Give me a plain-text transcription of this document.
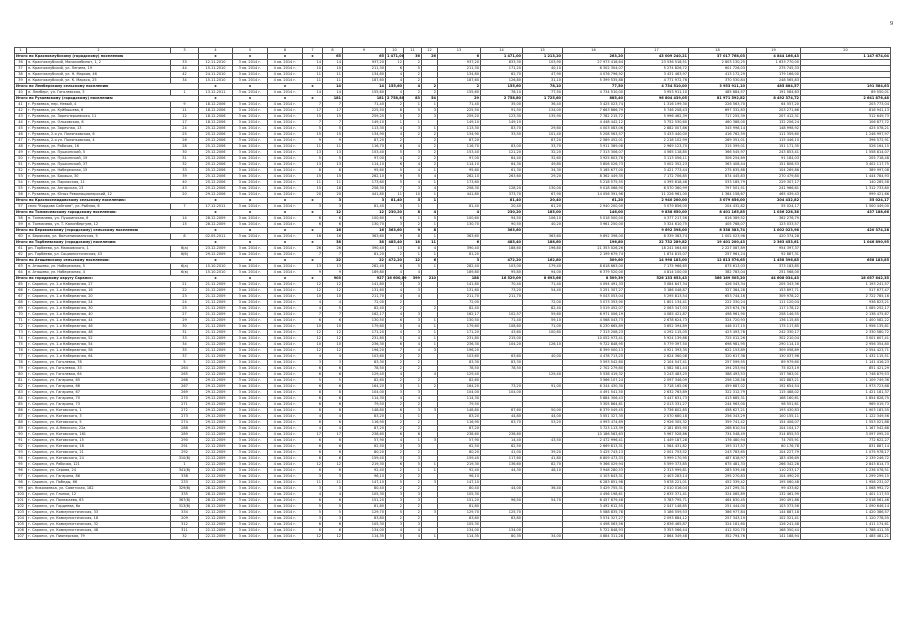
9
1	2	3	4	5	6	7	8	9	10	11	12	13	14	15	16	17	18	19	20	
Итого по Красноклубскому (городскому) поселению			x	x	x	x	65	65	1 471,00	36	26	6	1 471,00	1 213,20	263,20	43 009 240,21	37 017 768,03	4 844 166,43	1 147 674,04	
36	п. Красноклубский, Мясокомбинат, 1, 2	33	12.11.2010	3 кв. 2014 г.	4 кв. 2014 г.	14	14	937,20	12	2		937,20	833,30	103,90	27 973 418,64	23 536 518,51	2 803 130,25	1 633 770,00		
37	п. Красноклубский, ул. Ленина, 19	44	15.11.2010	3 кв. 2014 г.	4 кв. 2014 г.	10	10	211,30	6	5		211,30	171,20	40,10	6 302 304,07	5 274 826,72	601 726,03	275 745,33		
38	п. Красноклубский, ул. Н. Марков, 46	42	24.11.2010	3 кв. 2014 г.	4 кв. 2014 г.	11	11	134,80	4	2		134,80	62,70	47,90	4 076 796,92	3 431 463,97	413 172,29	179 166,00		
39	п. Красноклубский, ул. К. Маркса, 25	34	15.11.2010	3 кв. 2014 г.	4 кв. 2014 г.	11	11	187,60	4	2		187,60	126,80	31,10	5 399 535,88	4 771 972,76	370 530,84	248 565,83		
Итого по Лемберскому сельскому поселению			x	x	x	x	14	14	155,60	4	2	2	155,60	78,10	77,50	4 734 510,00	3 953 911,10	485 884,57	191 584,63	
40	п. Лемберг, ул. Гоголевская, 3	1	13.12.2011	3 кв. 2014 г.	4 кв. 2014 г.	14	14	155,60	4	2	2	155,60	78,10	77,50	4 734 510,00	3 953 911,10	485 884,57	191 584,63	89 550,01	
Итого по Рузаевскому (городскому) поселению			x	x	x	x	181	181	2 758,80	83	54	29	2 758,80	1 725,60	885,40	96 804 439,05	81 971 592,82	8 492 374,72	2 641 876,48	
41	г. Рузаевка, пер. Невый, 4	9	18.12.2006	3 кв. 2014 г.	4 кв. 2014 г.	7	7	71,40	2	1	1	71,40	35,00	36,40	3 425 023,74	1 316 199,30	226 563,70	64 557,20	203 773,04	
42	г. Рузаевка, ул. Куйбышева, 6	11	18.12.2006	3 кв. 2014 г.	4 кв. 2014 г.	17	17	225,50	8	5	3	225,50	91,50	134,00	7 663 866,79	5 746 208,43	697 332,83	203 271,66	816 941,13	
43	г. Рузаевка, ул. Заречнерьевская, 11	12	18.12.2006	3 кв. 2014 г.	4 кв. 2014 г.	15	15	259,20	5	2	3	259,20	123,30	135,90	7 782 215,72	5 996 462,39	717 255,39	207 412,31	312 649,73	
44	г. Рузаевка, ул. Ольховская, 6	17	18.12.2006	3 кв. 2014 г.	4 кв. 2014 г.	7	7	149,10	1	1		149,10	149,10		4 448 442,12	3 752 530,60	460 388,00	132 206,24	106 877,72	
45	г. Рузаевка, ул. Заречная, 13	24	25.12.2006	3 кв. 2014 г.	4 кв. 2014 г.	5	5	113,30	4	3	1	113,30	83,70	29,60	4 003 083,06	2 882 007,86	345 998,14	148 998,92	425 078,21	
46	г. Рузаевка, 2-я ул. Полянковская, 6	25	25.12.2006	3 кв. 2014 г.	4 кв. 2014 г.	15	15	134,90	4	2	2	134,90	33,50	101,40	5 208 563,57	3 433 440,00	416 762,59	111 359,60	1 246 997,97	
47	г. Рузаевка, 2-я ул. Полянковская, 4	26	25.12.2006	3 кв. 2014 г.	4 кв. 2014 г.	9	9	87,20	2		2	87,20		87,20	2 589 452,01	2 218 102,99	269 351,01	115 446,10	396 572,91	
48	г. Рузаевка, ул. Рабочая, 16	28	25.12.2006	3 кв. 2014 г.	4 кв. 2014 г.	11	11	116,70	6	4	2	116,70	83,00	33,70	3 911 369,08	2 969 123,70	315 399,01	151 171,35	526 164,15	
49	г. Рузаевка, ул. Пушкинский, 5	30	25.12.2006	3 кв. 2014 г.	4 кв. 2014 г.	13	13	153,40	5	3	2	153,40	121,20	32,20	7 313 306,07	4 565 118,85	366 545,97	243 853,41	1 558 814,07	
50	г. Рузаевка, ул. Пушкинский, 19	31	25.12.2006	3 кв. 2014 г.	4 кв. 2014 г.	5	5	97,00	4	2	2	97,00	64,40	32,60	3 925 603,78	3 113 056,11	306 254,69	91 184,03	205 718,48	
51	г. Рузаевка, ул. Пушкинский, 37	32	25.12.2006	3 кв. 2014 г.	4 кв. 2014 г.	13	13	114,10	6	4	2	114,10	64,30	49,80	3 806 026,73	3 002 352,23	363 408,44	151 808,53	3 402 117,75	
52	г. Рузаевка, ул. Набережная, 15	33	25.12.2006	3 кв. 2014 г.	4 кв. 2014 г.	8	8	95,60	5	4	1	95,60	61,30	34,30	3 165 677,00	3 421 773,44	275 635,88	104 269,86	389 997,08	
53	г. Рузаевка, ул. Бакаши, 30	39	25.12.2006	3 кв. 2014 г.	4 кв. 2014 г.	15	15	262,10	9	5	4	262,10	263,60	29,20	8 362 449,35	7 172 706,85	874 445,83	270 479,80	1 444 784,93	
54	г. Рузаевка, ул. Парижская, 11	40	25.12.2006	3 кв. 2014 г.	4 кв. 2014 г.	11	11	173,60	5	4	1	173,60			5 218 575,55	4 395 618,46	533 185,79	229 307,17	140 285,58	
55	г. Рузаевка, ул. Ангарская, 13	43	25.12.2006	3 кв. 2014 г.	4 кв. 2014 г.	15	18	258,30	7	3	4	258,30	128,20	130,00	9 018 068,90	6 570 360,99	797 501,51	241 966,61	1 312 733,80	
56	г. Рузаевка, ул. Юных Революционерский, 12	20	29.12.2006	3 кв. 2014 г.	4 кв. 2014 г.	20	20	441,80	11	10	1	441,80	373,70	67,90	14 056 391,96	11 226 961,00	1 364 158,67	465 439,43	999 421,66	
Итого по Красноселидовскому сельскому поселению:			x	x	x	x	3	3	81,40	3	1		81,40	20,40	61,20	2 940 200,00	3 079 856,00	204 432,82	55 024,17	
57	село "Кордова Сайтаев", ул. Рыбная, 6	7	17.12.2011	3 кв. 2014 г.	4 кв. 2014 г.	3	3	81,40	3	1		81,40	20,40	61,20	2 940 200,00	3 079 856,00	204 432,82	55 024,17	1 500 449,00	
Итого по Толмачевскому городскому поселению:			x	x	x	x	12	12	230,20	8	4	4	230,20	185,00	146,00	9 838 650,00	8 401 165,85	1 036 228,38	437 188,66	
58	п. Толмачево, ул. Пушкинская, 6	14	28.12.2009	3 кв. 2014 г.	4 кв. 2014 г.	6	6	100,60	6	1	5	100,60	94,50	106,10	5 018 500,00	4 377 217,56	616 389,52	362 276,79		
59	п. Толмачево, ул. Т. Калинбергуев, 12	15	28.12.2009	3 кв. 2014 г.	4 кв. 2014 г.	6	6	130,70	3	2	1	130,70	90,50	40,20	3 961 250,00	3 324 610,75	405 768,07	123 033,57		
Итого по Беряковскому (городскому) сельскому поселению			x	x	x	x	16	16	363,60	9	8		363,60			9 692 398,00	8 338 383,74	1 002 023,98	420 374,28	
60	п. Беряково, ул. Волченикованская, 5	8	02.05.2011	3 кв. 2014 г.	4 кв. 2014 г.	16	16	363,60	9	8	1	363,60		363,60	9 692 398,00	8 339 383,74	1 002 023,98	420 374,28		
Итого по Торбеевскому (городскому) поселению			x	x	x	x	38	38	485,40	18	11	6	485,40	188,60	196,80	22 732 289,82	19 401 200,43	2 363 453,61	1 046 890,95	
61	рп. Торбеево, ул. Маяковского, 1	6(а)	23.12.2009	3 кв. 2014 г.	4 кв. 2014 г.	26	26	390,40	13	8	4	390,40	188,60	196,80	21 353 026,26	18 241 064,60	2 227 087,89	954 397,37		
62	рп. Торбеево, ул. Социалистическая, 43	6(б)	29.12.2009	3 кв. 2014 г.	4 кв. 2014 г.	7	7	81,20	2	1	1	81,20			2 199 679,74	1 874 815,07	257 961,24	92 887,31		
Итого по Атяшевскому сельскому поселению:			x	x	x	x	22	22	472,20	12	6	3	472,20	162,80	309,60	14 998 183,00	12 813 576,65	1 458 396,85	658 183,85	
63	п. Атяшево, ул. Набережная, 5	6(а)	15.10.2010	3 кв. 2014 г.	4 кв. 2014 г.	13	13	282,40	6	5	1	282,40	103,00	179,40	8 618 663,00	7 175 966,65	875 613,03	373 183,85		
64	п. Атяшево, ул. Набережная, 4	6(в)	15.10.2010	3 кв. 2014 г.	4 кв. 2014 г.	9	9	189,80	4	4		189,80	95,80	94,00	6 379 520,00	4 814 100,00	382 783,04	251 568,00		
Итого по городскому округу Саранск:			x	x	x	x	903	927	16 600,09	399	210	188	16 529,09	8 693,66	8 509,39	526 133 653,43	366 169 505,20	44 608 034,43	18 057 642,35	
65	г. Саранск, ул. 1-я Набережная, 27	21	21.12.2009	3 кв. 2014 г.	4 кв. 2014 г.	12	12	141,80	3	3		141,80	70,40	71,40	4 094 491,33	3 084 647,34	426 343,34	205 343,36	1 193 241,57	
66	г. Саранск, ул. 1-я Набережная, 16	22	21.12.2009	3 кв. 2014 г.	4 кв. 2014 г.	12	12	131,60	4	3		131,60	73,20	54,40	3 251 307,27	3 186 048,87	327 384,28	153 897,71	517 677,47	
67	г. Саранск, ул. 1-я Набережная, 20	23	21.12.2009	3 кв. 2014 г.	4 кв. 2014 г.	10	10	211,70	4	4		211,70	211,70		9 043 053,04	5 295 813,54	653 744,16	309 978,22	2 722 785,16	
68	г. Саранск, ул. 1-я Набережная, 24	24	21.12.2009	3 кв. 2014 г.	4 кв. 2014 г.	4	4	72,00	2			72,00		72,00	3 073 353,90	1 801 134,41	222 330,24	111 120,04	938 823,21	
69	г. Саранск, ул. 1-я Набережная, 30	25	21.12.2009	3 кв. 2014 г.	4 кв. 2014 г.	4	5	82,40	2		2	82,40		82,40	3 519 452,07	2 063 347,03	253 674,76	117 178,12	1 085 252,17	
70	г. Саранск, ул. 1-я Набережная, 40	27	21.12.2009	3 кв. 2014 г.	4 кв. 2014 г.	7	7	162,17	4	3		162,17	102,57	59,60	6 971 006,19	4 085 421,87	498 961,90	258 146,55	2 138 475,87	
71	г. Саранск, ул. 1-я Набережная, 44	29	21.12.2009	3 кв. 2014 г.	4 кв. 2014 г.	6	6	130,50	6	3	1	130,50	71,40	59,10	4 568 043,73	2 678 624,73	324 720,93	136 115,85	1 400 582,22	
72	г. Саранск, ул. 1-я Набережная, 46	30	21.12.2009	3 кв. 2014 г.	4 кв. 2014 г.	10	10	179,60	5	4	1	179,60	108,60	71,00	6 230 665,89	3 652 394,89	446 017,15	175 117,85	1 956 135,81	
73	г. Саранск, ул. 1-я Набережная, 48	31	21.12.2009	3 кв. 2014 г.	4 кв. 2014 г.	12	12	171,20	4	3	1	171,20	43,60	100,60	7 313 208,23	4 292 115,05	423 493,78	242 330,17	2 330 580,72	
74	г. Саранск, ул. 1-я Набережная, 52	33	21.12.2009	3 кв. 2014 г.	4 кв. 2014 г.	12	12	231,80	5	4	1	231,80	215,00		10 052 973,41	5 924 139,88	725 012,26	302 210,04	3 001 607,41	
75	г. Саранск, ул. 1-я Набережная, 54	34	21.12.2009	3 кв. 2014 г.	4 кв. 2014 г.	10	10	236,30	6	4	1	236,30	104,20	126,10	9 722 848,95	5 779 397,50	698 981,95	290 114,10	2 956 354,80	
76	г. Саранск, ул. 1-я Набережная, 58	35	21.12.2009	3 кв. 2014 г.	4 кв. 2014 г.	12	12	196,20	7	4	3	196,20			8 399 000,13	4 921 393,35	622 153,89	309 058,89	2 554 423,71	
77	г. Саранск, ул. 1-я Набережная, 64	37	21.12.2009	3 кв. 2014 г.	4 кв. 2014 г.	4	4	103,60	2	2		103,60	63,60	40,00	4 478 713,25	2 624 360,08	320 617,38	130 037,96	1 432 115,51	
78	г. Саранск, ул. Гоголевка, 78	5	22.12.2009	3 кв. 2014 г.	4 кв. 2014 г.	3	3	83,30	2	2		83,30	83,30		3 593 542,80	2 104 547,41	257 599,55	89 979,60	1 141 416,23	
79	г. Саранск, ул. Гоголевка, 33	264	22.12.2009	3 кв. 2014 г.	4 кв. 2014 г.	6	6	78,50	2	2		78,50	78,50		2 702 279,80	1 582 581,44	194 253,94	75 023,19	851 421,29	
80	г. Саранск, ул. Гоголевка, 64	265	22.12.2009	3 кв. 2014 г.	4 кв. 2014 г.	6	6	129,40	4		4	129,40		129,40	5 538 419,32	3 243 483,25	388 493,53	157 563,01	1 748 879,53	
81	г. Саранск, ул. Гагарина, 65	266	29.12.2009	3 кв. 2014 г.	4 кв. 2014 г.	5	5	82,60	2	2		82,60			3 566 107,24	2 097 346,09	256 128,58	102 883,21	1 109 749,36	
82	г. Саранск, ул. Гагарина, 66	267	29.12.2009	3 кв. 2014 г.	4 кв. 2014 г.	6	6	164,20	3	1	2	164,20	73,20	91,00	6 344 430,30	3 718 165,06	459 887,02	192 654,54	1 973 723,68	
83	г. Саранск, ул. Гагарина, 67	269	29.12.2009	3 кв. 2014 г.	4 кв. 2014 г.	8	8	104,00	3	3		104,00	104,00		4 491 541,50	2 632 763,89	322 312,79	115 488,02	1 421 181,37	
84	г. Саранск, ул. Гагарина, 70	270	29.12.2009	3 кв. 2014 г.	4 кв. 2014 г.	6	6	114,30	4	4		114,30			5 884 306,43	3 447 631,73	413 685,31	168 160,61	1 854 828,75	
85	г. Саранск, ул. Гагарина, 73	271	29.12.2009	3 кв. 2014 г.	4 кв. 2014 г.	6	6	79,50	2	2		79,50			3 305 864,61	2 013 331,27	244 963,00	98 551,61	969 019,73	
86	г. Саранск, ул. Котовского, 1	272	29.12.2009	3 кв. 2014 г.	4 кв. 2014 г.	8	8	148,80	6	3	3	148,80	87,60	50,00	6 379 049,45	3 736 802,85	458 627,21	193 430,83	1 903 183,55	
87	г. Саранск, ул. Котовского, 3	273	29.12.2009	3 кв. 2014 г.	4 кв. 2014 г.	4	4	83,20	1	1		83,20	44,80	44,00	3 551 327,35	2 070 680,18	256 343,29	100 155,11	1 122 349,56	
88	г. Саранск, ул. Котовского, 5	274	29.12.2009	3 кв. 2014 г.	4 кв. 2014 г.	6	6	116,90	2	2		116,90	63,70	53,20	4 993 474,69	2 926 305,32	359 741,42	154 406,07	1 553 021,88	
89	г. Саранск, ул. А.Невского, 22а	288	29.12.2009	3 кв. 2014 г.	4 кв. 2014 г.	4	4	87,20	2	2		87,20			3 723 113,39	2 181 855,90	268 610,54	104 104,17	1 167 542,68	
90	г. Саранск, ул. Котовского, 161	289	22.12.2009	3 кв. 2014 г.	4 кв. 2014 г.	17	17	238,60	6	6		238,60	238,60		10 186 563,63	5 967 528,86	734 548,49	314 855,53	3 097 095,20	
91	г. Саранск, ул. Котовского, 15	290	22.12.2009	3 кв. 2014 г.	4 кв. 2014 г.	6	6	57,90	4	1	3	57,90	14,40	43,50	2 472 996,41	1 449 187,28	176 480,94	74 705,91	772 622,27	
92	г. Саранск, ул. Котовского, 18	291	22.12.2009	3 кв. 2014 г.	4 кв. 2014 г.	6	6	62,50	3	3		62,50	62,50		2 669 813,31	1 564 431,82	193 317,57	80 176,78	831 887,14	
93	г. Саранск, ул. Котовского, 21	292	22.12.2009	3 кв. 2014 г.	4 кв. 2014 г.	6	6	80,20	2	2		80,20	41,00	39,20	3 425 743,13	2 001 753,52	243 783,65	104 227,79	1 075 978,17	
94	г. Саранск, ул. Котовского, 24	310(б)	22.12.2009	3 кв. 2014 г.	4 кв. 2014 г.	6	6	159,40	3	3		159,40	117,60	41,80	6 809 473,33	3 999 170,95	487 618,97	183 436,69	2 139 246,72	
95	г. Саранск, ул. Рабочая, 121	1	22.12.2009	3 кв. 2014 г.	4 кв. 2014 г.	12	12	219,30	6	5	1	219,30	136,60	82,70	9 366 029,94	5 599 373,85	675 481,33	266 342,28	2 843 814,73	
96	г. Саранск, ул. Серова, 24	341(б)	22.12.2009	3 кв. 2014 г.	4 кв. 2014 г.	6	6	92,40	2	1	1	92,40	44,30	48,10	3 948 280,53	2 313 999,81	283 539,46	110 233,17	1 236 078,51	
97	г. Саранск, ул. Гагарина, 86	338	22.12.2009	3 кв. 2014 г.	4 кв. 2014 г.	3	3	96,10	2	2		96,10			4 103 843,31	2 403 283,14	295 270,83	104 490,20	1 299 299,15	
98	г. Саранск, ул. Победы, 66	233	22.12.2009	3 кв. 2014 г.	4 кв. 2014 г.	11	11	147,10	5	2	3	147,10			6 283 851,98	3 678 221,01	452 339,42	195 060,48	1 958 231,07	
99	рп. Николаевка, ул. Советская, 182	329(б)	28.12.2009	3 кв. 2014 г.	4 кв. 2014 г.	3	3	80,40	2	2		80,40	44,00	36,40	3 429 755,31	2 010 016,04	247 295,31	99 433,62	1 068 992,72	
100	г. Саранск, ул. Глинки, 12	335	28.12.2009	3 кв. 2014 г.	4 кв. 2014 г.	4	4	105,30	3	3		105,30			4 496 198,61	2 635 371,41	324 065,89	132 461,99	1 401 117,53	
101	г. Саранск, ул. Полежаева, 63	367(б)	28.12.2009	3 кв. 2014 г.	4 кв. 2014 г.	6	6	151,20	3	3		151,20	96,50	54,70	6 457 679,48	3 783 795,71	464 830,45	190 491,86	2 018 561,46	
102	г. Саранск, ул. Гордеева, 6а	313(б)	28.12.2009	3 кв. 2014 г.	4 кв. 2014 г.	5	5	81,80	2	2		81,80			3 492 612,55	2 047 148,85	251 444,00	103 373,56	1 090 646,14	
103	г. Саранск, ул. Коммунистическая, 33	334	22.12.2009	3 кв. 2014 г.	4 кв. 2014 г.	5	5	129,70	5	2	3	129,70	125,70		5 588 835,78	3 186 559,53	386 977,84	144 887,18	1 420 386,57	
104	г. Саранск, ул. Коммунистическая, 18	209	22.12.2009	3 кв. 2014 г.	4 кв. 2014 г.	3	3	83,80	2	2		83,80	83,80		3 574 327,27	2 093 884,12	257 343,19	102 321,41	1 120 778,55	
105	г. Саранск, ул. Коммунистическая, 32	312	22.12.2009	3 кв. 2014 г.	4 кв. 2014 г.	6	6	105,30	3	3		105,30			4 498 063,56	2 636 465,87	324 181,60	126 241,48	1 411 174,61	
106	г. Саранск, ул. Коммунистическая, 48	311	22.12.2009	3 кв. 2014 г.	4 кв. 2014 г.	6	6	134,00	4	4		134,00	134,00		5 722 848,93	3 353 566,44	412 520,70	168 350,44	1 788 411,35	
107	г. Саранск, ул. Пионерская, 79	32	22.12.2009	3 кв. 2014 г.	4 кв. 2014 г.	12	12	114,35	5	4	1	114,35	80,35	34,00	4 884 311,28	2 864 349,48	352 794,76	141 188,94	1 485 481,21	
